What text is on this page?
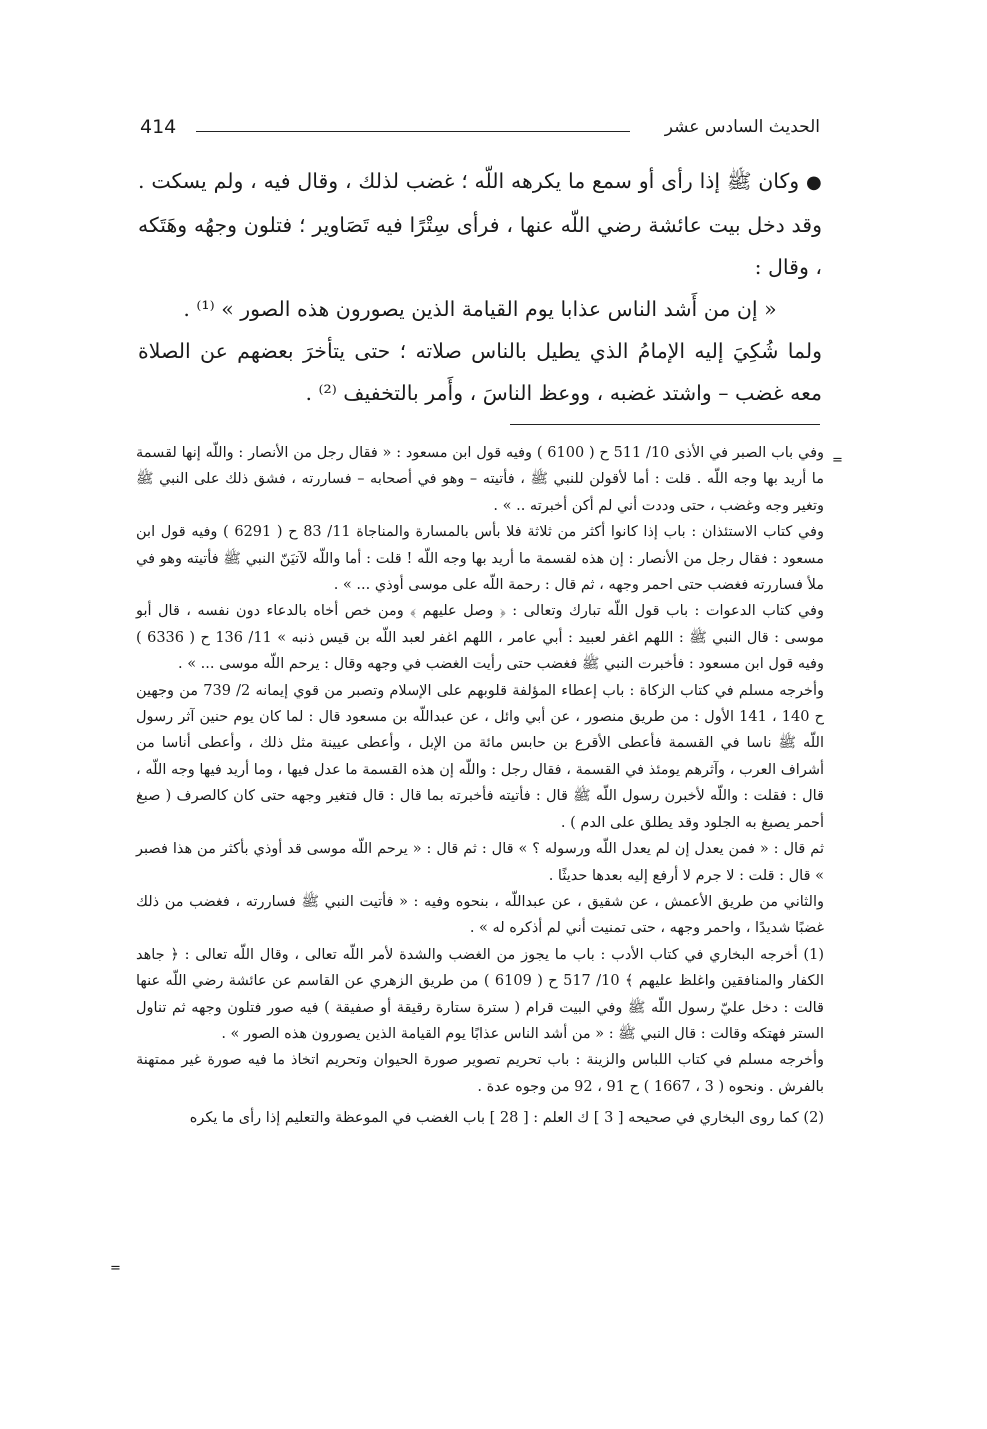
414	الحديث السادس عشر

● وكان ﷺ إذا رأى أو سمع ما يكرهه اللّه ؛ غضب لذلك ، وقال فيه ، ولم يسكت . وقد دخل بيت عائشة رضي اللّه عنها ، فرأى سِتْرًا فيه تَصَاوير ؛ فتلون وجهُه وهَتَكه ، وقال :

« إن من أَشد الناس عذابا يوم القيامة الذين يصورون هذه الصور » ⁽¹⁾ .

ولما شُكِيَ إليه الإمامُ الذي يطيل بالناس صلاته ؛ حتى يتأخرَ بعضهم عن الصلاة معه غضب – واشتد غضبه ، ووعظ الناسَ ، وأَمر بالتخفيف ⁽²⁾ .

=

وفي باب الصبر في الأذى 10/ 511 ح ( 6100 ) وفيه قول ابن مسعود : « فقال رجل من الأنصار : واللّه إنها لقسمة ما أريد بها وجه اللّه . قلت : أما لأقولن للنبي ﷺ ، فأتيته – وهو في أصحابه – فساررته ، فشق ذلك على النبي ﷺ وتغير وجه وغضب ، حتى وددت أني لم أكن أخبرته .. » .

وفي كتاب الاستئذان : باب إذا كانوا أكثر من ثلاثة فلا بأس بالمسارة والمناجاة 11/ 83 ح ( 6291 ) وفيه قول ابن مسعود : فقال رجل من الأنصار : إن هذه لقسمة ما أريد بها وجه اللّه ! قلت : أما واللّه لآتيَنّ النبي ﷺ فأتيته وهو في ملأ فساررته فغضب حتى احمر وجهه ، ثم قال : رحمة اللّه على موسى أوذي ... » .

وفي كتاب الدعوات : باب قول اللّه تبارك وتعالى : ﴿ وصل عليهم ﴾ ومن خص أخاه بالدعاء دون نفسه ، قال أبو موسى : قال النبي ﷺ : اللهم اغفر لعبيد : أبي عامر ، اللهم اغفر لعبد اللّه بن قيس ذنبه » 11/ 136 ح ( 6336 ) وفيه قول ابن مسعود : فأخبرت النبي ﷺ فغضب حتى رأيت الغضب في وجهه وقال : يرحم اللّه موسى ... » .

وأخرجه مسلم في كتاب الزكاة : باب إعطاء المؤلفة قلوبهم على الإسلام وتصبر من قوي إيمانه 2/ 739 من وجهين ح 140 ، 141 الأول : من طريق منصور ، عن أبي وائل ، عن عبداللّه بن مسعود قال : لما كان يوم حنين آثر رسول اللّه ﷺ ناسا في القسمة فأعطى الأقرع بن حابس مائة من الإبل ، وأعطى عيينة مثل ذلك ، وأعطى أناسا من أشراف العرب ، وآثرهم يومئذ في القسمة ، فقال رجل : واللّه إن هذه القسمة ما عدل فيها ، وما أريد فيها وجه اللّه ، قال : فقلت : واللّه لأخبرن رسول اللّه ﷺ قال : فأتيته فأخبرته بما قال : قال فتغير وجهه حتى كان كالصرف ( صبغ أحمر يصبغ به الجلود وقد يطلق على الدم ) .

ثم قال : « فمن يعدل إن لم يعدل اللّه ورسوله ؟ » قال : ثم قال : « يرحم اللّه موسى قد أوذي بأكثر من هذا فصبر » قال : قلت : لا جرم لا أرفع إليه بعدها حديثًا .

والثاني من طريق الأعمش ، عن شقيق ، عن عبداللّه ، بنحوه وفيه : « فأتيت النبي ﷺ فساررته ، فغضب من ذلك غضبًا شديدًا ، واحمر وجهه ، حتى تمنيت أني لم أذكره له » .

(1) أخرجه البخاري في كتاب الأدب : باب ما يجوز من الغضب والشدة لأمر اللّه تعالى ، وقال اللّه تعالى : ﴿ جاهد الكفار والمنافقين واغلظ عليهم ﴾ 10/ 517 ح ( 6109 ) من طريق الزهري عن القاسم عن عائشة رضي اللّه عنها قالت : دخل عليّ رسول اللّه ﷺ وفي البيت قرام ( سترة ستارة رقيقة أو صفيقة ) فيه صور فتلون وجهه ثم تناول الستر فهتكه وقالت : قال النبي ﷺ : « من أشد الناس عذابًا يوم القيامة الذين يصورون هذه الصور » .

وأخرجه مسلم في كتاب اللباس والزينة : باب تحريم تصوير صورة الحيوان وتحريم اتخاذ ما فيه صورة غير ممتهنة بالفرش . ونحوه ( 3 ، 1667 ) ح 91 ، 92 من وجوه عدة .

(2) كما روى البخاري في صحيحه [ 3 ] ك العلم : [ 28 ] باب الغضب في الموعظة والتعليم إذا رأى ما يكره

=
